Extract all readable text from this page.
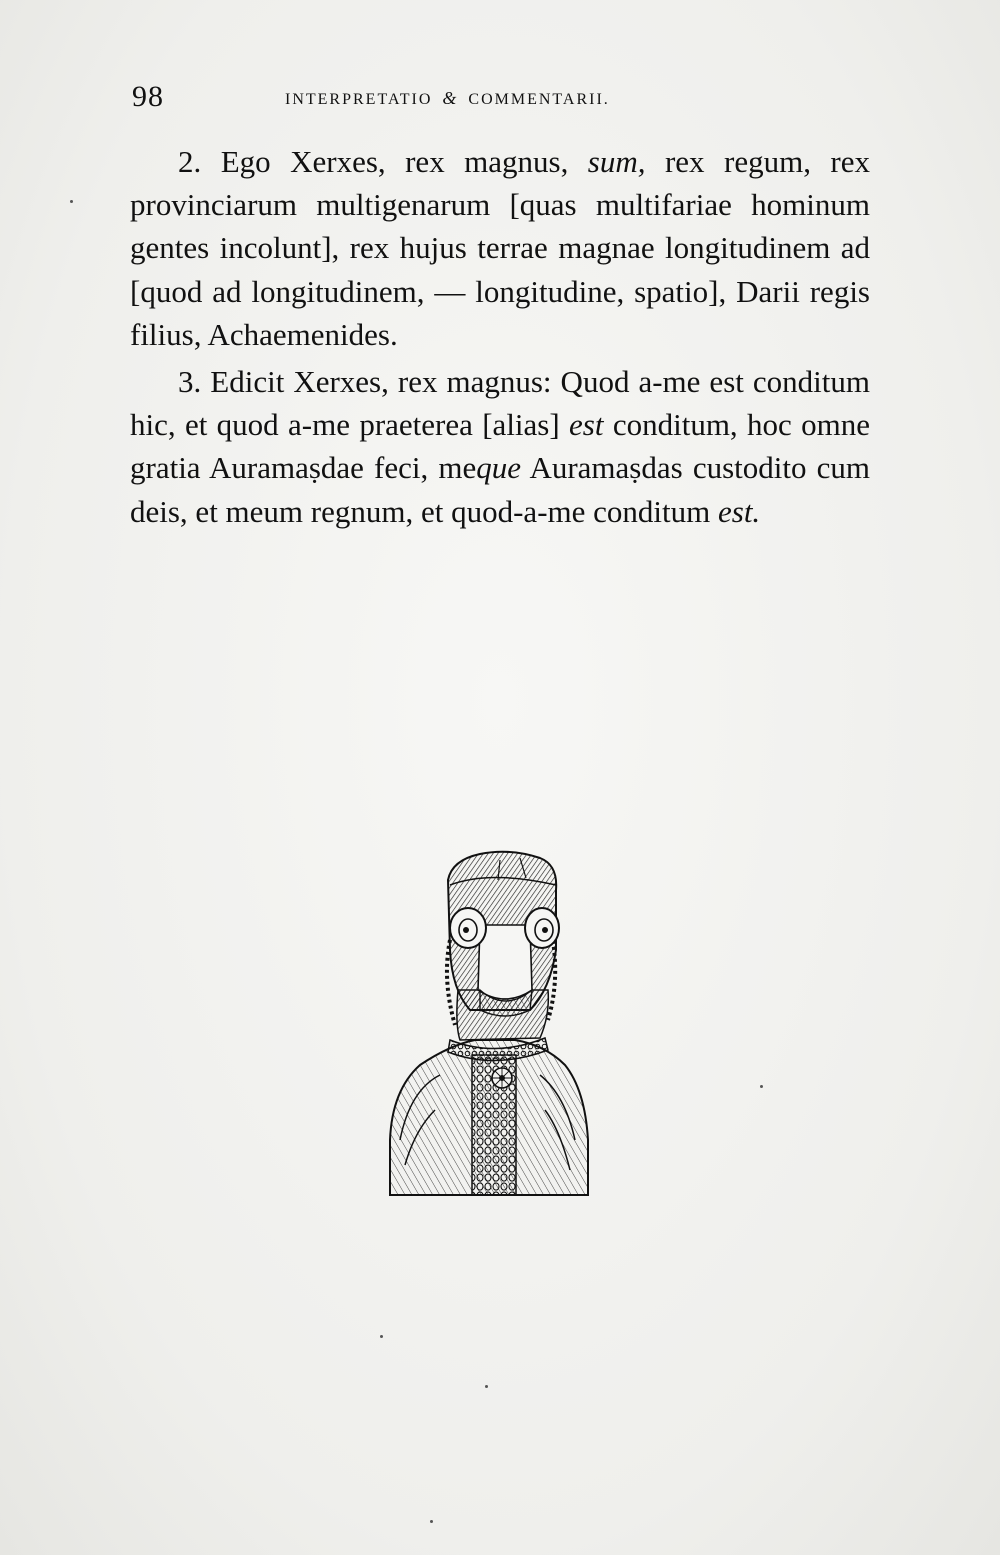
98	INTERPRETATIO & COMMENTARII.

2. Ego Xerxes, rex magnus, sum, rex regum, rex provinciarum multigenarum [quas multifariae hominum gentes incolunt], rex hujus terrae magnae longitudinem ad [quod ad longitudinem, — longitudine, spatio], Darii regis filius, Achaemenides.

3. Edicit Xerxes, rex magnus: Quod a-me est conditum hic, et quod a-me praeterea [alias] est conditum, hoc omne gratia Auramaṣdae feci, meque Auramaṣdas custodito cum deis, et meum regnum, et quod-a-me conditum est.
